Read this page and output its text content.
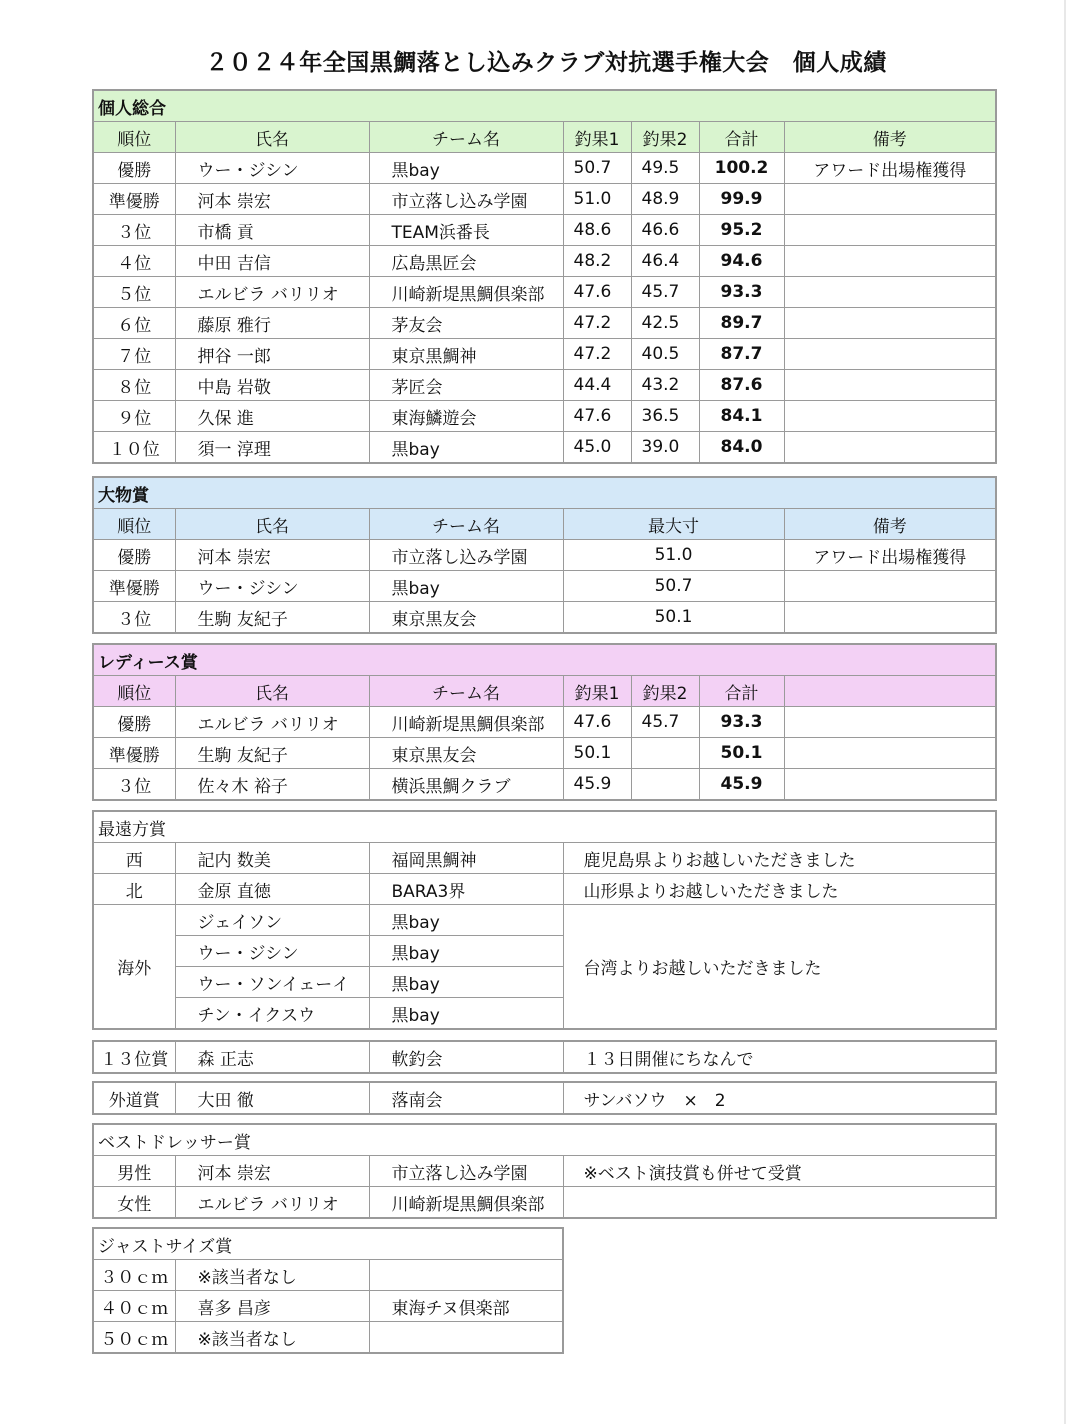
２０２４年全国黒鯛落とし込みクラブ対抗選手権大会　個人成績
個人総合						
順位	氏名	チーム名	釣果1	釣果2	合計	備考
優勝	ウー・ジシン	黒bay	50.7	49.5	100.2	アワード出場権獲得
準優勝	河本 崇宏	市立落し込み学園	51.0	48.9	99.9	
３位	市橋 貢	TEAM浜番長	48.6	46.6	95.2	
４位	中田 吉信	広島黒匠会	48.2	46.4	94.6	
５位	エルビラ バリリオ	川崎新堤黒鯛倶楽部	47.6	45.7	93.3	
６位	藤原 雅行	茅友会	47.2	42.5	89.7	
７位	押谷 一郎	東京黒鯛神	47.2	40.5	87.7	
８位	中島 岩敬	茅匠会	44.4	43.2	87.6	
９位	久保 進	東海鱗遊会	47.6	36.5	84.1	
１０位	須一 淳理	黒bay	45.0	39.0	84.0	
大物賞				
順位	氏名	チーム名	最大寸	備考
優勝	河本 崇宏	市立落し込み学園	51.0	アワード出場権獲得
準優勝	ウー・ジシン	黒bay	50.7	
３位	生駒 友紀子	東京黒友会	50.1	
レディース賞						
順位	氏名	チーム名	釣果1	釣果2	合計	
優勝	エルビラ バリリオ	川崎新堤黒鯛倶楽部	47.6	45.7	93.3	
準優勝	生駒 友紀子	東京黒友会	50.1		50.1	
３位	佐々木 裕子	横浜黒鯛クラブ	45.9		45.9	
最遠方賞			
西	記内 数美	福岡黒鯛神	鹿児島県よりお越しいただきました
北	金原 直徳	BARA3界	山形県よりお越しいただきました
海外	ジェイソン	黒bay	台湾よりお越しいただきました
	ウー・ジシン	黒bay	
	ウー・ソンイェーイ	黒bay	
	チン・イクスウ	黒bay	
１３位賞	森 正志	軟釣会	１３日開催にちなんで
外道賞	大田 徹	落南会	サンバソウ　×　2
ベストドレッサー賞			
男性	河本 崇宏	市立落し込み学園	※ベスト演技賞も併せて受賞
女性	エルビラ バリリオ	川崎新堤黒鯛倶楽部	
ジャストサイズ賞		
３０ｃｍ	※該当者なし	
４０ｃｍ	喜多 昌彦	東海チヌ倶楽部
５０ｃｍ	※該当者なし	
